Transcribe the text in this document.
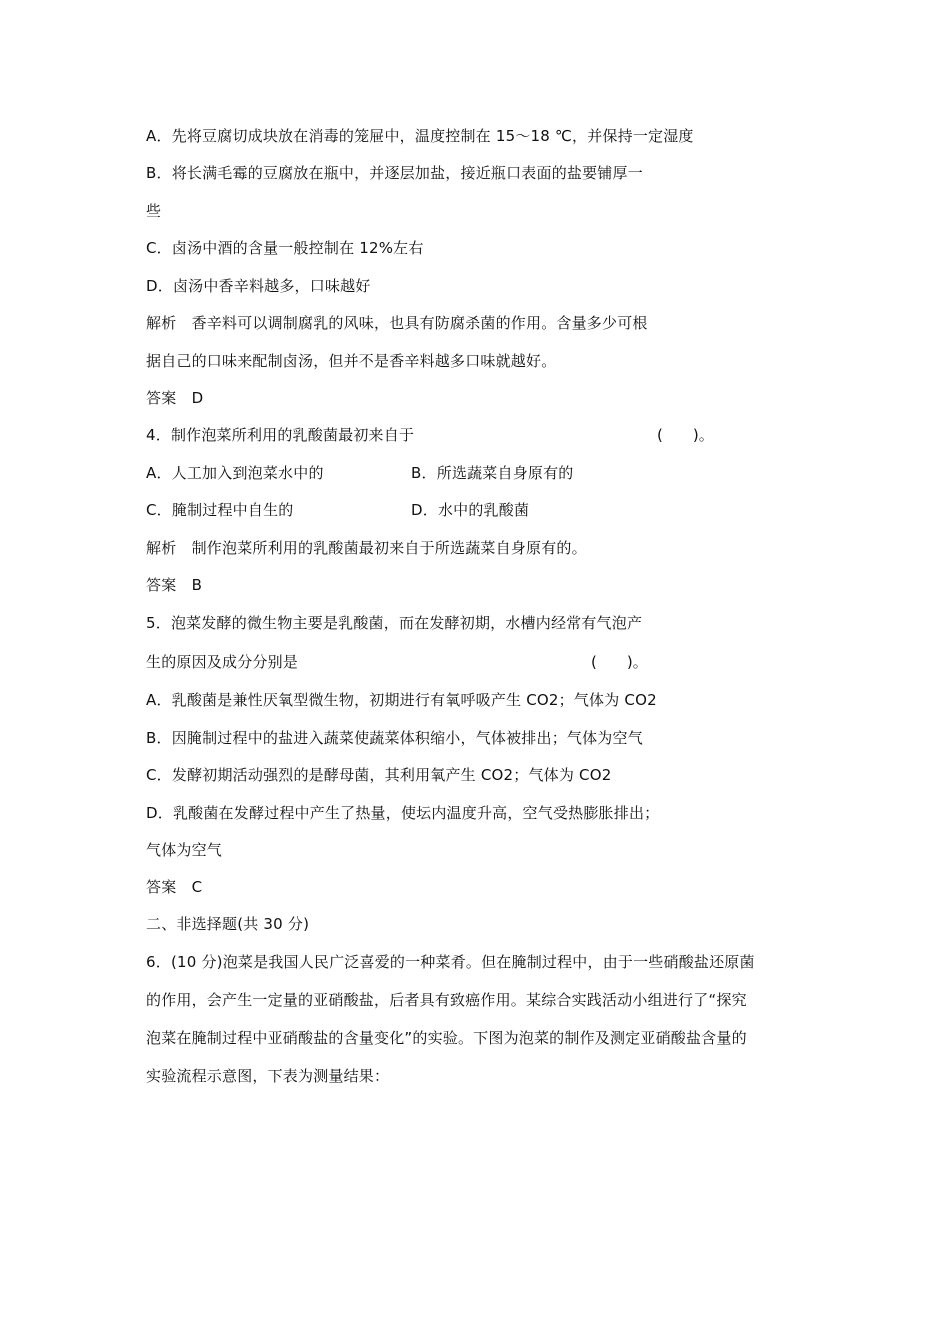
A．先将豆腐切成块放在消毒的笼屉中，温度控制在 15～18 ℃，并保持一定湿度
B．将长满毛霉的豆腐放在瓶中，并逐层加盐，接近瓶口表面的盐要铺厚一
些
C．卤汤中酒的含量一般控制在 12%左右
D．卤汤中香辛料越多，口味越好
解析　香辛料可以调制腐乳的风味，也具有防腐杀菌的作用。含量多少可根
据自己的口味来配制卤汤，但并不是香辛料越多口味就越好。
答案　D
4．制作泡菜所利用的乳酸菌最初来自于	(　　)。
A．人工加入到泡菜水中的	B．所选蔬菜自身原有的
C．腌制过程中自生的	D．水中的乳酸菌
解析　制作泡菜所利用的乳酸菌最初来自于所选蔬菜自身原有的。
答案　B
5．泡菜发酵的微生物主要是乳酸菌，而在发酵初期，水槽内经常有气泡产
生的原因及成分分别是	(　　)。
A．乳酸菌是兼性厌氧型微生物，初期进行有氧呼吸产生 CO2；气体为 CO2
B．因腌制过程中的盐进入蔬菜使蔬菜体积缩小，气体被排出；气体为空气
C．发酵初期活动强烈的是酵母菌，其利用氧产生 CO2；气体为 CO2
D．乳酸菌在发酵过程中产生了热量，使坛内温度升高，空气受热膨胀排出；
气体为空气
答案　C
二、非选择题(共 30 分)
6．(10 分)泡菜是我国人民广泛喜爱的一种菜肴。但在腌制过程中，由于一些硝酸盐还原菌
的作用，会产生一定量的亚硝酸盐，后者具有致癌作用。某综合实践活动小组进行了“探究
泡菜在腌制过程中亚硝酸盐的含量变化”的实验。下图为泡菜的制作及测定亚硝酸盐含量的
实验流程示意图，下表为测量结果：
